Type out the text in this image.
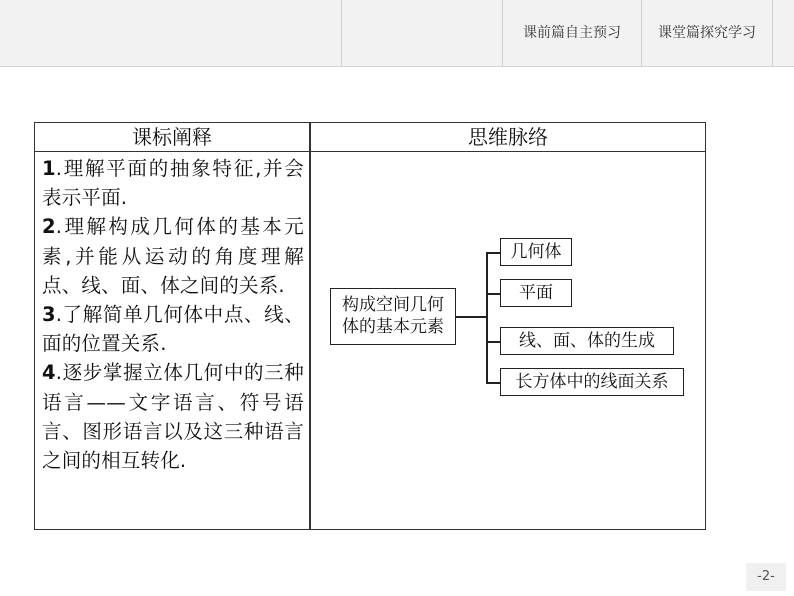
课前篇自主预习	课堂篇探究学习
课标阐释	思维脉络

1.理解平面的抽象特征,并会表示平面.

2.理解构成几何体的基本元素,并能从运动的角度理解点、线、面、体之间的关系.

3.了解简单几何体中点、线、面的位置关系.

4.逐步掌握立体几何中的三种语言——文字语言、符号语言、图形语言以及这三种语言之间的相互转化.

构成空间几何
体的基本元素
几何体
平面
线、面、体的生成
长方体中的线面关系
-2-
